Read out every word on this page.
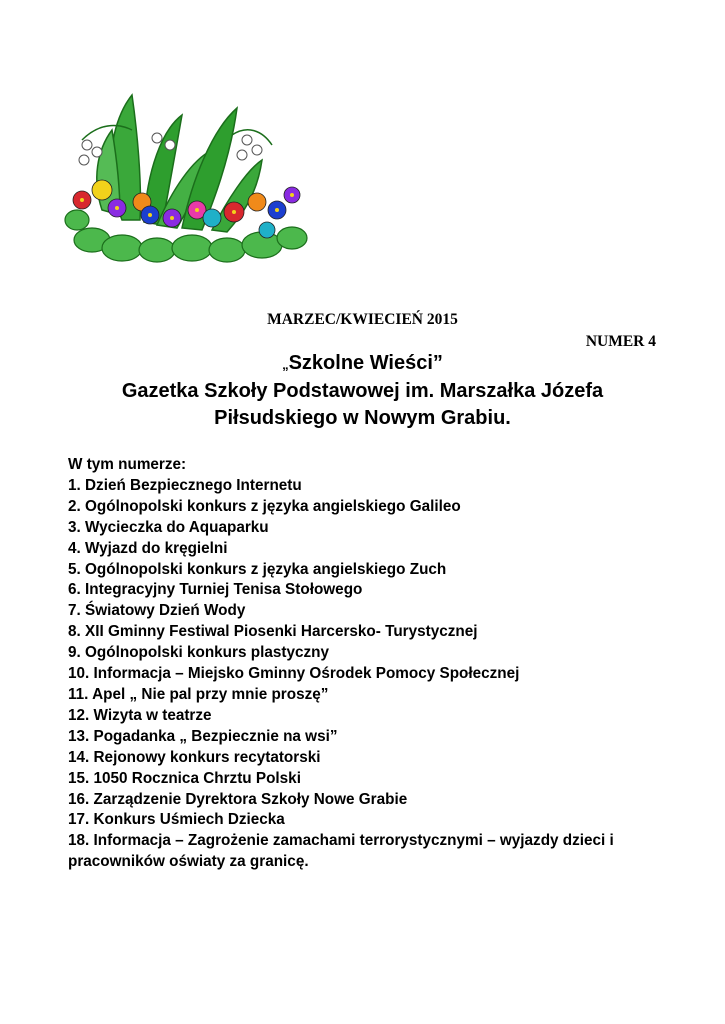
MARZEC/KWIECIEŃ 2015
NUMER 4
„Szkolne Wieści”
Gazetka Szkoły Podstawowej im. Marszałka Józefa
Piłsudskiego w Nowym Grabiu.
W tym numerze:
1. Dzień Bezpiecznego Internetu
2. Ogólnopolski konkurs z języka angielskiego Galileo
3. Wycieczka do Aquaparku
4. Wyjazd do kręgielni
5. Ogólnopolski konkurs z języka angielskiego Zuch
6. Integracyjny Turniej Tenisa Stołowego
7. Światowy Dzień Wody
8. XII Gminny Festiwal Piosenki Harcersko- Turystycznej
9. Ogólnopolski konkurs plastyczny
10. Informacja – Miejsko Gminny Ośrodek Pomocy Społecznej
11. Apel „ Nie pal przy mnie proszę”
12. Wizyta w teatrze
13. Pogadanka „ Bezpiecznie na wsi”
14. Rejonowy konkurs recytatorski
15. 1050 Rocznica Chrztu Polski
16. Zarządzenie Dyrektora Szkoły Nowe Grabie
17. Konkurs Uśmiech Dziecka
18. Informacja – Zagrożenie zamachami terrorystycznymi – wyjazdy dzieci i pracowników oświaty za granicę.
